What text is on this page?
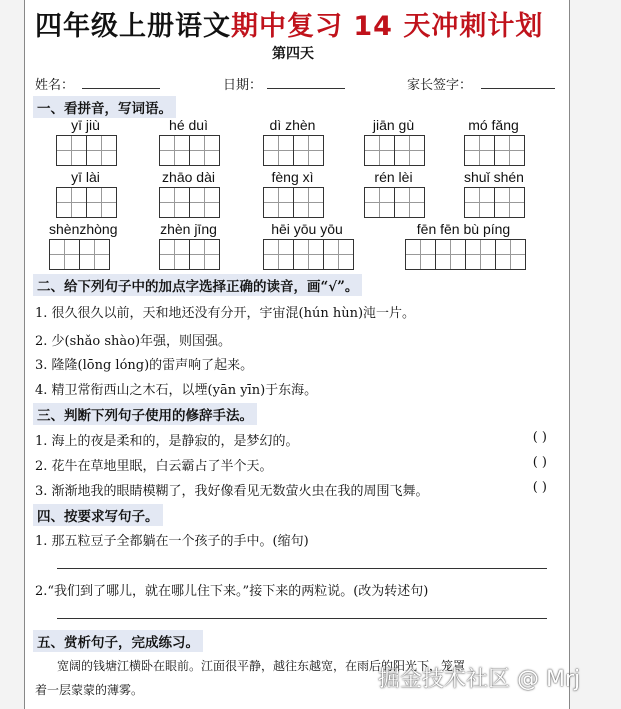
四年级上册语文期中复习 14 天冲刺计划
第四天
姓名：	日期：	家长签字：
一、看拼音，写词语。
yī jiù	hé duì	dì zhèn	jiān gù	mó fǎng
yī lài	zhāo dài	fèng xì	rén lèi	shuǐ shén
shènzhòng	zhèn jīng	hēi yōu yōu	fēn fēn bù píng
二、给下列句子中的加点字选择正确的读音，画“√”。
1. 很久很久以前，天和地还没有分开，宇宙混(hún hùn)沌一片。
2. 少(shǎo shào)年强，则国强。
3. 隆隆(lōng lóng)的雷声响了起来。
4. 精卫常衔西山之木石，以堙(yān yīn)于东海。
三、判断下列句子使用的修辞手法。
1. 海上的夜是柔和的，是静寂的，是梦幻的。	( )
2. 花牛在草地里眠，白云霸占了半个天。	( )
3. 渐渐地我的眼睛模糊了，我好像看见无数萤火虫在我的周围飞舞。	( )
四、按要求写句子。
1. 那五粒豆子全都躺在一个孩子的手中。(缩句)
2.“我们到了哪儿，就在哪儿住下来。”接下来的两粒说。(改为转述句)
五、赏析句子，完成练习。
宽阔的钱塘江横卧在眼前。江面很平静，越往东越宽，在雨后的阳光下，笼罩
着一层蒙蒙的薄雾。	掘金技术社区 @ Mrj
